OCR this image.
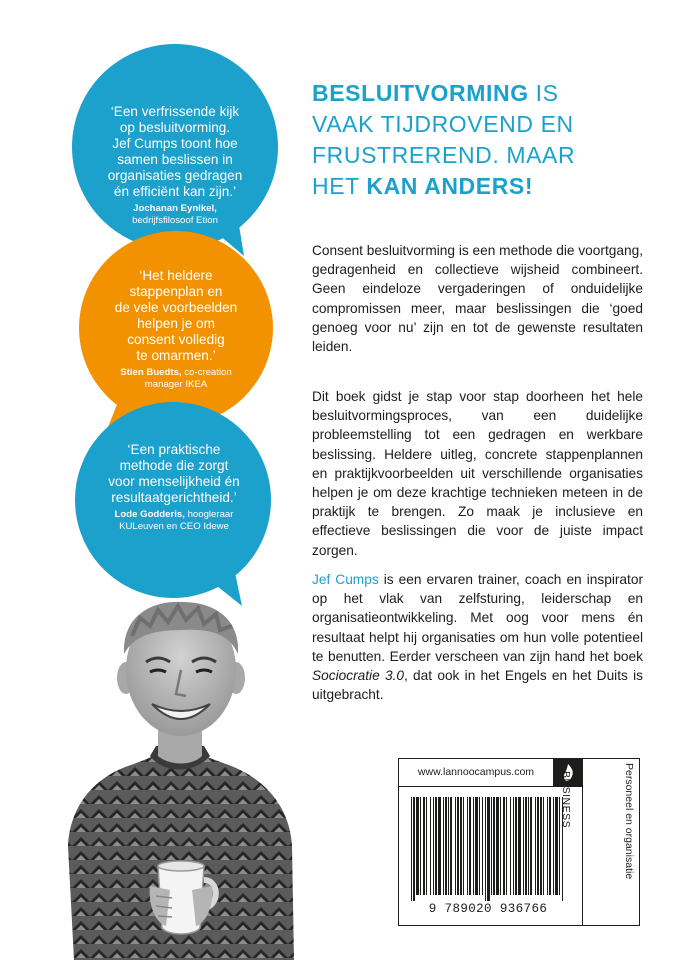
‘Een verfrissende kijk

op besluitvorming.

Jef Cumps toont hoe

samen beslissen in

organisaties gedragen

én efficiënt kan zijn.’

Jochanan Eynikel,
bedrijfsfilosoof Etion

‘Het heldere

stappenplan en

de vele voorbeelden

helpen je om

consent volledig

te omarmen.’

Stien Buedts, co-creation
manager IKEA

‘Een praktische

methode die zorgt

voor menselijkheid én

resultaatgerichtheid.’

Lode Godderis, hoogleraar
KULeuven en CEO Idewe
BESLUITVORMING IS
VAAK TIJDROVEND EN
FRUSTREREND. MAAR
HET KAN ANDERS!

Consent besluitvorming is een methode die voortgang, gedragenheid en collectieve wijsheid combineert. Geen eindeloze vergaderingen of onduidelijke compromissen meer, maar beslissingen die ‘goed genoeg voor nu’ zijn en tot de gewenste resultaten leiden.

Dit boek gidst je stap voor stap doorheen het hele besluitvormingsproces, van een duidelijke probleemstelling tot een gedragen en werkbare beslissing. Heldere uitleg, concrete stappenplannen en praktijkvoorbeelden uit verschillende organisaties helpen je om deze krachtige technieken meteen in de praktijk te brengen. Zo maak je inclusieve en effectieve beslissingen die voor de juiste impact zorgen.

Jef Cumps is een ervaren trainer, coach en inspirator op het vlak van zelfsturing, leiderschap en organisatieontwikkeling. Met oog voor mens én resultaat helpt hij organisaties om hun volle potentieel te benutten. Eerder verscheen van zijn hand het boek Sociocratie 3.0, dat ook in het Engels en het Duits is uitgebracht.

www.lannoocampus.com
9 789020 936766
BUSINESS	Personeel en organisatie
